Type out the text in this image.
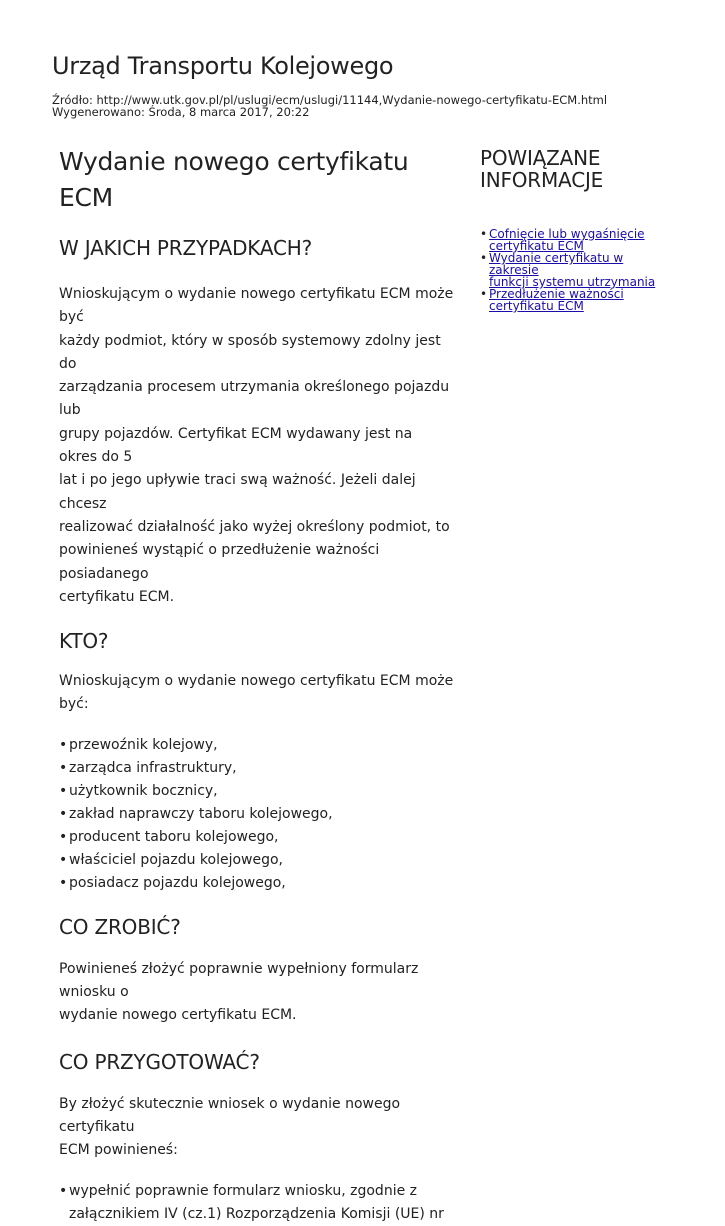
Urząd Transportu Kolejowego
Źródło: http://www.utk.gov.pl/pl/uslugi/ecm/uslugi/11144,Wydanie-nowego-certyfikatu-ECM.html
Wygenerowano: Środa, 8 marca 2017, 20:22
Wydanie nowego certyfikatu ECM
W JAKICH PRZYPADKACH?

Wnioskującym o wydanie nowego certyfikatu ECM może być
każdy podmiot, który w sposób systemowy zdolny jest do
zarządzania procesem utrzymania określonego pojazdu lub
grupy pojazdów. Certyfikat ECM wydawany jest na okres do 5
lat i po jego upływie traci swą ważność. Jeżeli dalej chcesz
realizować działalność jako wyżej określony podmiot, to
powinieneś wystąpić o przedłużenie ważności posiadanego
certyfikatu ECM.

KTO?

Wnioskującym o wydanie nowego certyfikatu ECM może być:

• przewoźnik kolejowy,
• zarządca infrastruktury,
• użytkownik bocznicy,
• zakład naprawczy taboru kolejowego,
• producent taboru kolejowego,
• właściciel pojazdu kolejowego,
• posiadacz pojazdu kolejowego,
CO ZROBIĆ?

Powinieneś złożyć poprawnie wypełniony formularz wniosku o
wydanie nowego certyfikatu ECM.

CO PRZYGOTOWAĆ?

By złożyć skutecznie wniosek o wydanie nowego certyfikatu
ECM powinieneś:

• wypełnić poprawnie formularz wniosku, zgodnie z
załącznikiem IV (cz.1) Rozporządzenia Komisji (UE) nr
POWIĄZANE
INFORMACJE
• Cofnięcie lub wygaśnięcie
certyfikatu ECM
• Wydanie certyfikatu w zakresie
funkcji systemu utrzymania
• Przedłużenie ważności
certyfikatu ECM
